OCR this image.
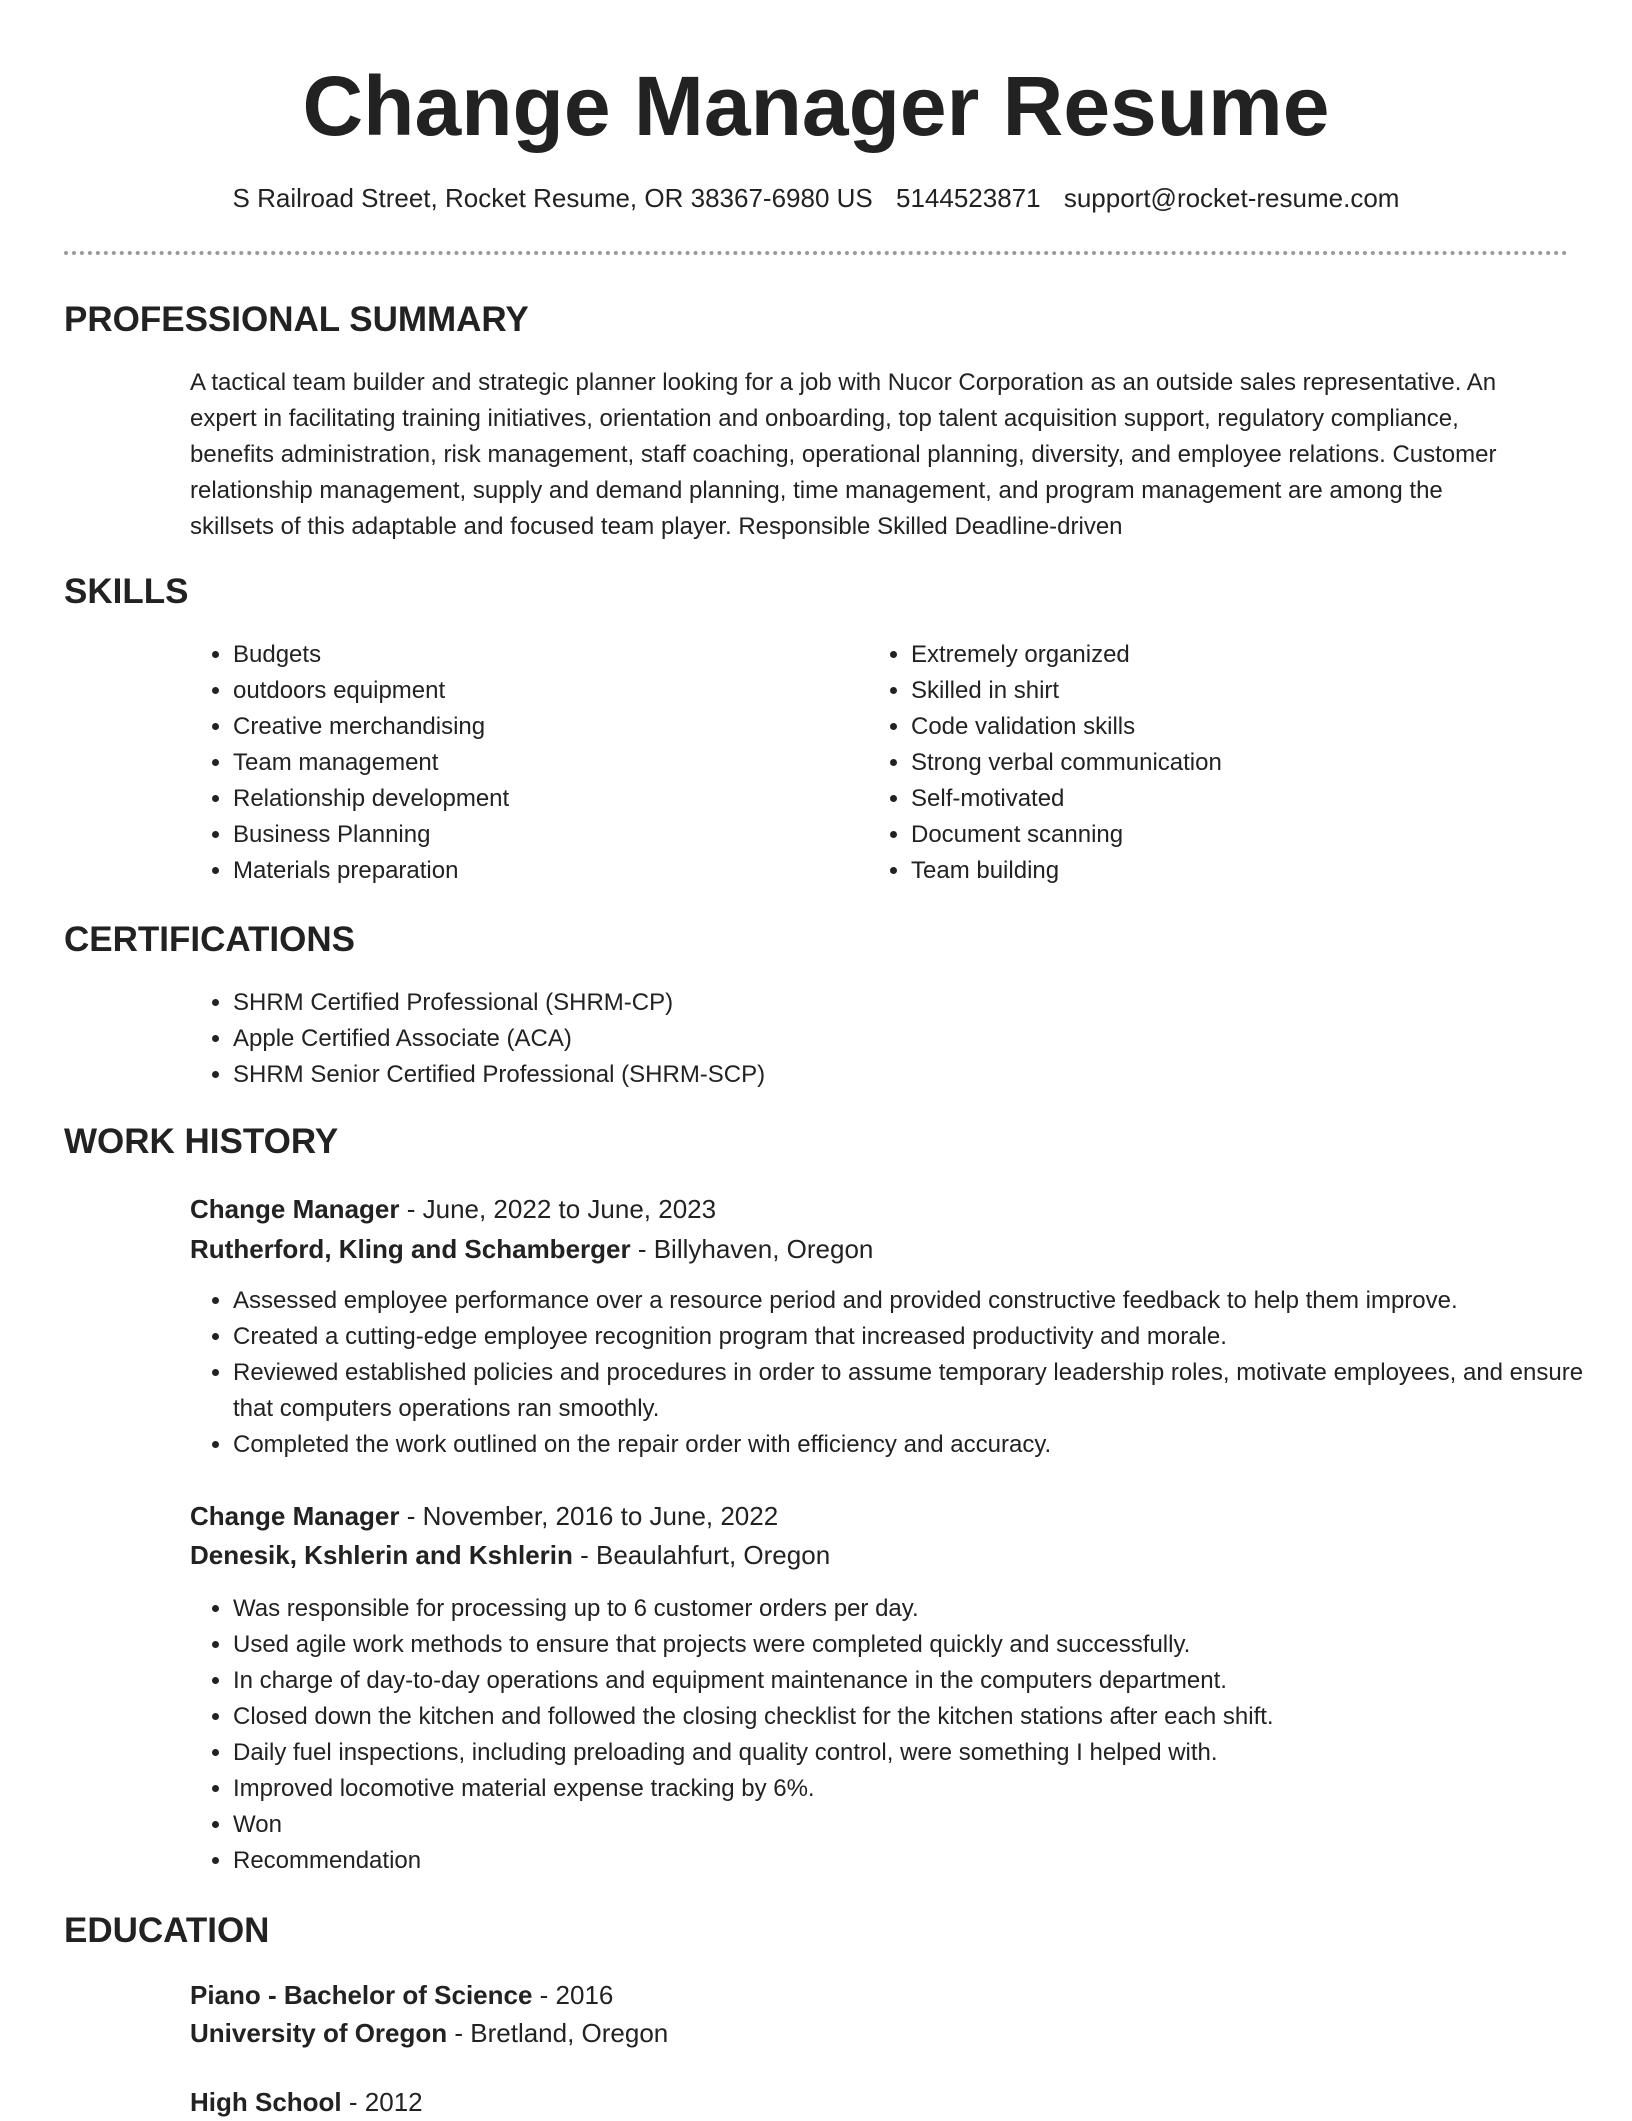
Change Manager Resume
S Railroad Street, Rocket Resume, OR 38367-6980 US 5144523871 support@rocket-resume.com
PROFESSIONAL SUMMARY
A tactical team builder and strategic planner looking for a job with Nucor Corporation as an outside sales representative. An
expert in facilitating training initiatives, orientation and onboarding, top talent acquisition support, regulatory compliance,
benefits administration, risk management, staff coaching, operational planning, diversity, and employee relations. Customer
relationship management, supply and demand planning, time management, and program management are among the
skillsets of this adaptable and focused team player. Responsible Skilled Deadline-driven
SKILLS
• Budgets
• outdoors equipment
• Creative merchandising
• Team management
• Relationship development
• Business Planning
• Materials preparation
• Extremely organized
• Skilled in shirt
• Code validation skills
• Strong verbal communication
• Self-motivated
• Document scanning
• Team building
CERTIFICATIONS
• SHRM Certified Professional (SHRM-CP)
• Apple Certified Associate (ACA)
• SHRM Senior Certified Professional (SHRM-SCP)
WORK HISTORY
Change Manager - June, 2022 to June, 2023
Rutherford, Kling and Schamberger - Billyhaven, Oregon
• Assessed employee performance over a resource period and provided constructive feedback to help them improve.
• Created a cutting-edge employee recognition program that increased productivity and morale.
• Reviewed established policies and procedures in order to assume temporary leadership roles, motivate employees, and ensure that computers operations ran smoothly.
• Completed the work outlined on the repair order with efficiency and accuracy.
Change Manager - November, 2016 to June, 2022
Denesik, Kshlerin and Kshlerin - Beaulahfurt, Oregon
• Was responsible for processing up to 6 customer orders per day.
• Used agile work methods to ensure that projects were completed quickly and successfully.
• In charge of day-to-day operations and equipment maintenance in the computers department.
• Closed down the kitchen and followed the closing checklist for the kitchen stations after each shift.
• Daily fuel inspections, including preloading and quality control, were something I helped with.
• Improved locomotive material expense tracking by 6%.
• Won
• Recommendation
EDUCATION
Piano - Bachelor of Science - 2016
University of Oregon - Bretland, Oregon
High School - 2012
